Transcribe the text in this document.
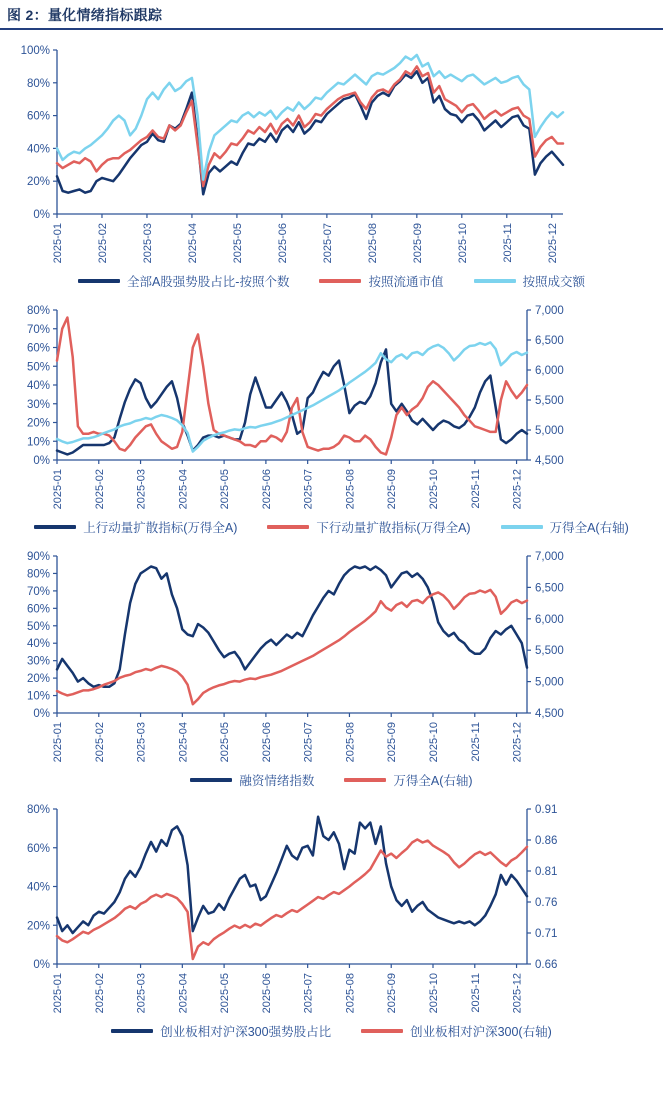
图 2：量化情绪指标跟踪
0%
20%
40%
60%
80%
100%
2025-01	2025-02	2025-03	2025-04	2025-05	2025-06	2025-07	2025-08	2025-09	2025-10	2025-11	2025-12
全部A股强势股占比-按照个数	按照流通市值	按照成交额
0%
10%
20%
30%
40%
50%
60%
70%
80%
4,500
5,000
5,500
6,000
6,500
7,000
2025-01	2025-02	2025-03	2025-04	2025-05	2025-06	2025-07	2025-08	2025-09	2025-10	2025-11	2025-12
上行动量扩散指标(万得全A)	下行动量扩散指标(万得全A)	万得全A(右轴)
0%
10%
20%
30%
40%
50%
60%
70%
80%
90%
4,500
5,000
5,500
6,000
6,500
7,000
2025-01	2025-02	2025-03	2025-04	2025-05	2025-06	2025-07	2025-08	2025-09	2025-10	2025-11	2025-12
融资情绪指数	万得全A(右轴)
0%
20%
40%
60%
80%
0.66
0.71
0.76
0.81
0.86
0.91
2025-01	2025-02	2025-03	2025-04	2025-05	2025-06	2025-07	2025-08	2025-09	2025-10	2025-11	2025-12
创业板相对沪深300强势股占比	创业板相对沪深300(右轴)
